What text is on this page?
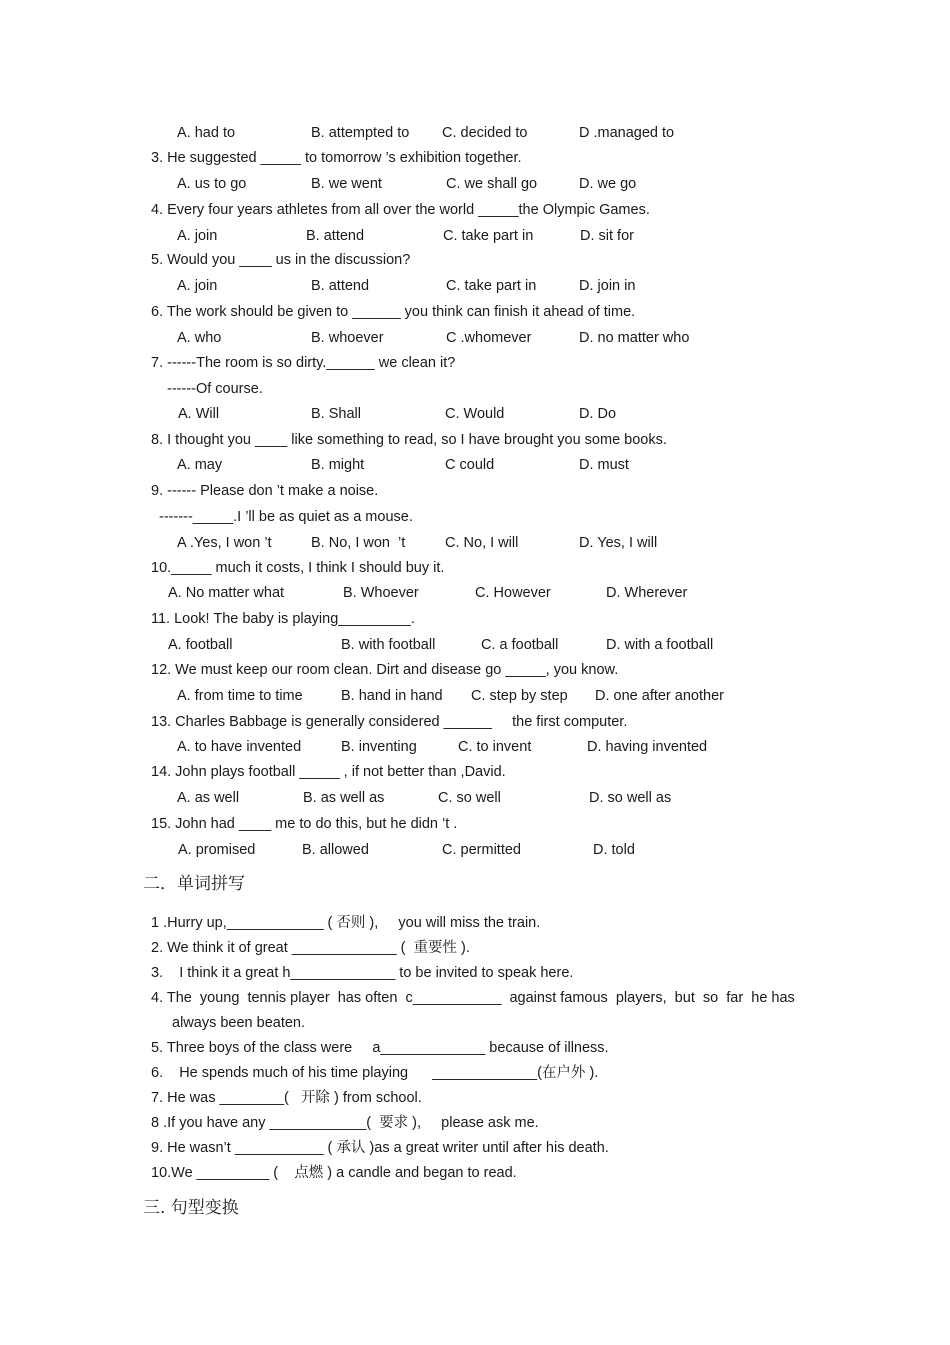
A. had to	B. attempted to C. decided to	D .managed to
3. He suggested _____ to tomorrow ’s exhibition together.
A. us to go	B. we went	C. we shall go	D. we go
4. Every four years athletes from all over the world _____the Olympic Games.
A. join	B. attend	C. take part in	D. sit for
5. Would you ____ us in the discussion?
A. join	B. attend	C. take part in	D. join in
6. The work should be given to ______ you think can finish it ahead of time.
A. who	B. whoever	C .whomever	D. no matter who
7. ------The room is so dirty.______ we clean it?
------Of course.
A. Will	B. Shall	C. Would	D. Do
8. I thought you ____ like something to read, so I have brought you some books.
A. may	B. might	C could	D. must
9. ------ Please don ’t make a noise.
-------_____.I ’ll be as quiet as a mouse.
A .Yes, I won ’t	B. No, I won  ’t	C. No, I will	D. Yes, I will
10._____ much it costs, I think I should buy it.
A. No matter what	B. Whoever	C. However	D. Wherever
11. Look! The baby is playing_________.
A. football	B. with football	C. a football	D. with a football
12. We must keep our room clean. Dirt and disease go _____, you know.
A. from time to time	B. hand in hand C. step by step D. one after another
13. Charles Babbage is generally considered ______     the first computer.
A. to have invented	B. inventing	C. to invent	D. having invented
14. John plays football _____ , if not better than ,David.
A. as well	B. as well as	C. so well	D. so well as
15. John had ____ me to do this, but he didn ’t .
A. promised	B. allowed	C. permitted	D. told
二．单词拼写
1 .Hurry up,____________ ( 否则 ),     you will miss the train.
2. We think it of great _____________ (  重要性 ).
3.    I think it a great h_____________ to be invited to speak here.
4. The  young  tennis player  has often  c___________  against famous  players,  but  so  far  he has
always been beaten.
5. Three boys of the class were     a_____________ because of illness.
6.    He spends much of his time playing      _____________(在户外 ).
7. He was ________(   开除 ) from school.
8 .If you have any ____________(  要求 ),     please ask me.
9. He wasn’t ___________ ( 承认 )as a great writer until after his death.
10.We _________ (    点燃 ) a candle and began to read.
三. 句型变换
